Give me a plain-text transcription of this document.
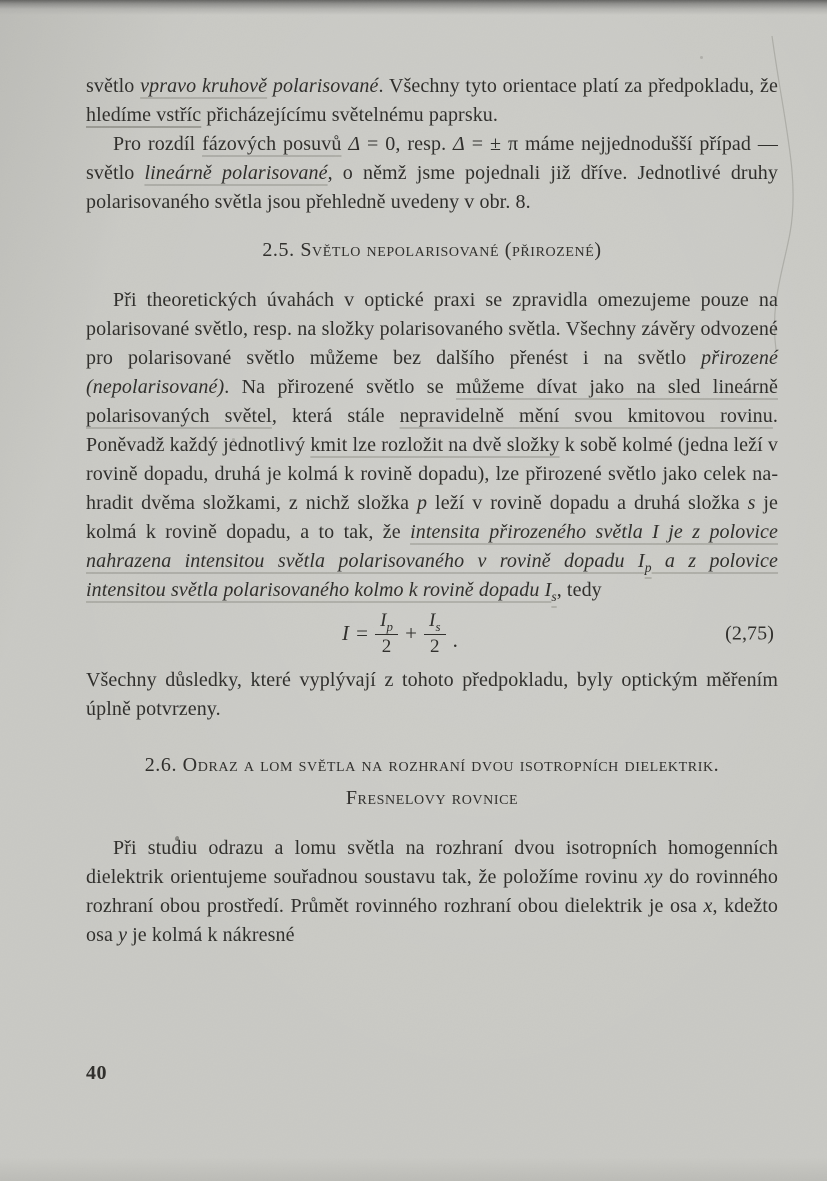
světlo vpravo kruhově polarisované. Všechny tyto orientace platí za předpokladu, že hledíme vstříc přicházejícímu světelnému paprsku.

Pro rozdíl fázových posuvů Δ = 0, resp. Δ = ± π máme nejjednodušší případ — světlo lineárně polarisované, o němž jsme pojednali již dříve. Jednotlivé druhy polarisovaného světla jsou přehledně uvedeny v obr. 8.

2.5. Světlo nepolarisované (přirozené)

Při theoretických úvahách v optické praxi se zpravidla omezujeme pouze na polarisované světlo, resp. na složky polarisovaného světla. Všechny závěry odvozené pro polarisované světlo můžeme bez dalšího přenést i na světlo přirozené (nepolarisované). Na přirozené světlo se můžeme dívat jako na sled lineárně polarisovaných světel, která stále nepravidelně mění svou kmitovou rovinu. Poněvadž každý jednotlivý kmit lze rozložit na dvě složky k sobě kolmé (jedna leží v rovině dopadu, druhá je kolmá k rovině dopadu), lze přirozené světlo jako celek nahradit dvěma složkami, z nichž složka p leží v rovině dopadu a druhá složka s je kolmá k rovině dopadu, a to tak, že intensita přirozeného světla I je z polovice nahrazena intensitou světla polarisovaného v rovině dopadu $I_p$ a z polovice intensitou světla polarisovaného kolmo k rovině dopadu $I_s$, tedy

$I = \frac{I_p}{2} + \frac{I_s}{2}$ .	(2,75)

Všechny důsledky, které vyplývají z tohoto předpokladu, byly optickým měřením úplně potvrzeny.

2.6. Odraz a lom světla na rozhraní dvou isotropních dielektrik.
Fresnelovy rovnice

Při studiu odrazu a lomu světla na rozhraní dvou isotropních homogenních dielektrik orientujeme souřadnou soustavu tak, že položíme rovinu xy do rovinného rozhraní obou prostředí. Průmět rovinného rozhraní obou dielektrik je osa x, kdežto osa y je kolmá k nákresné

40
